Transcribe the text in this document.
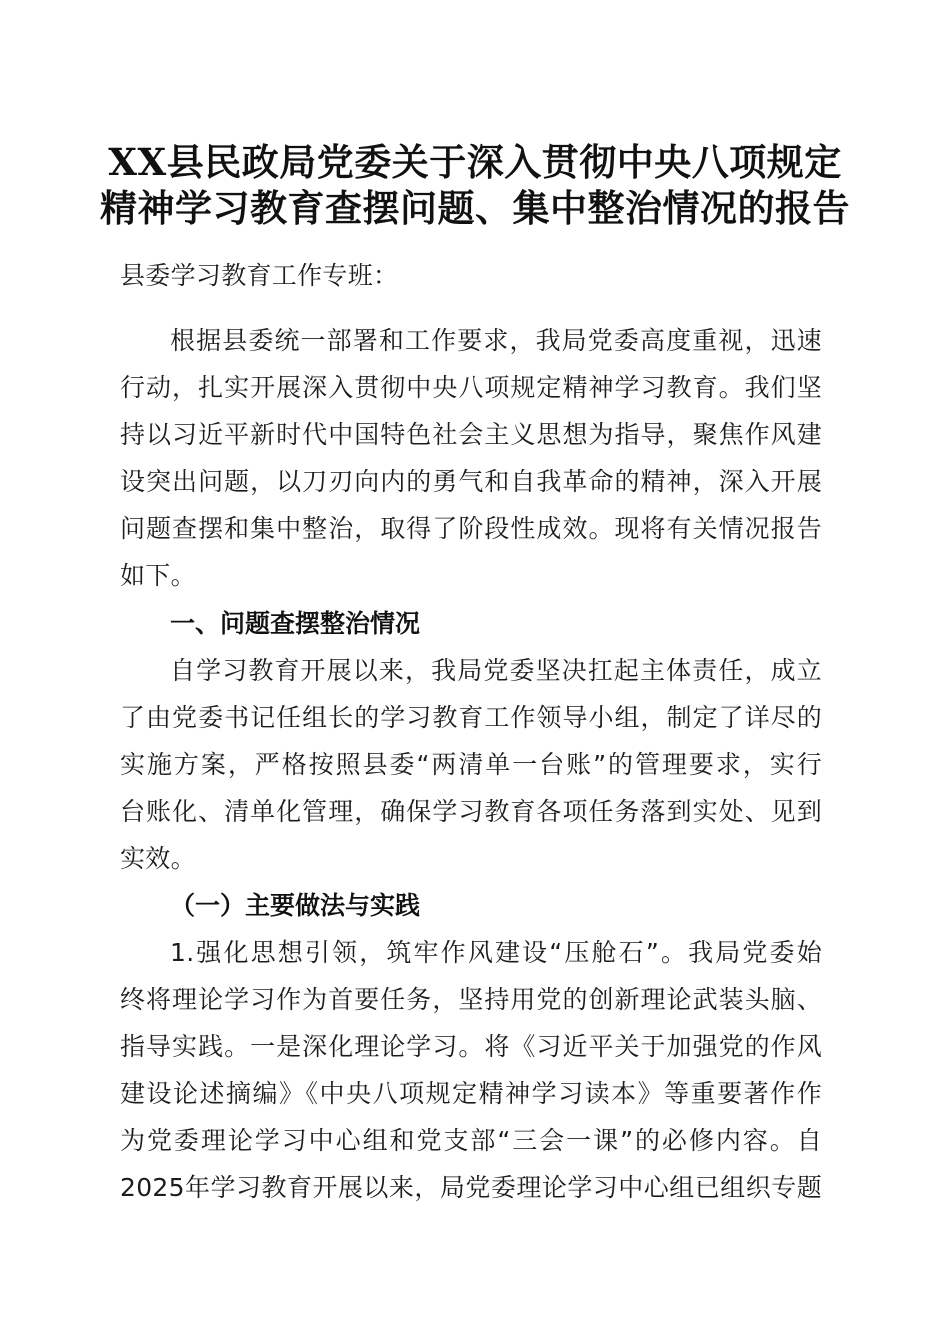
XX县民政局党委关于深入贯彻中央八项规定
精神学习教育查摆问题、集中整治情况的报告
县委学习教育工作专班：
根据县委统一部署和工作要求，我局党委高度重视，迅速
行动，扎实开展深入贯彻中央八项规定精神学习教育。我们坚
持以习近平新时代中国特色社会主义思想为指导，聚焦作风建
设突出问题，以刀刃向内的勇气和自我革命的精神，深入开展
问题查摆和集中整治，取得了阶段性成效。现将有关情况报告
如下。
一、问题查摆整治情况
自学习教育开展以来，我局党委坚决扛起主体责任，成立
了由党委书记任组长的学习教育工作领导小组，制定了详尽的
实施方案，严格按照县委“两清单一台账”的管理要求，实行
台账化、清单化管理，确保学习教育各项任务落到实处、见到
实效。
（一）主要做法与实践
1.强化思想引领，筑牢作风建设“压舱石”。我局党委始
终将理论学习作为首要任务，坚持用党的创新理论武装头脑、
指导实践。一是深化理论学习。将《习近平关于加强党的作风
建设论述摘编》《中央八项规定精神学习读本》等重要著作作
为党委理论学习中心组和党支部“三会一课”的必修内容。自
2025年学习教育开展以来，局党委理论学习中心组已组织专题
